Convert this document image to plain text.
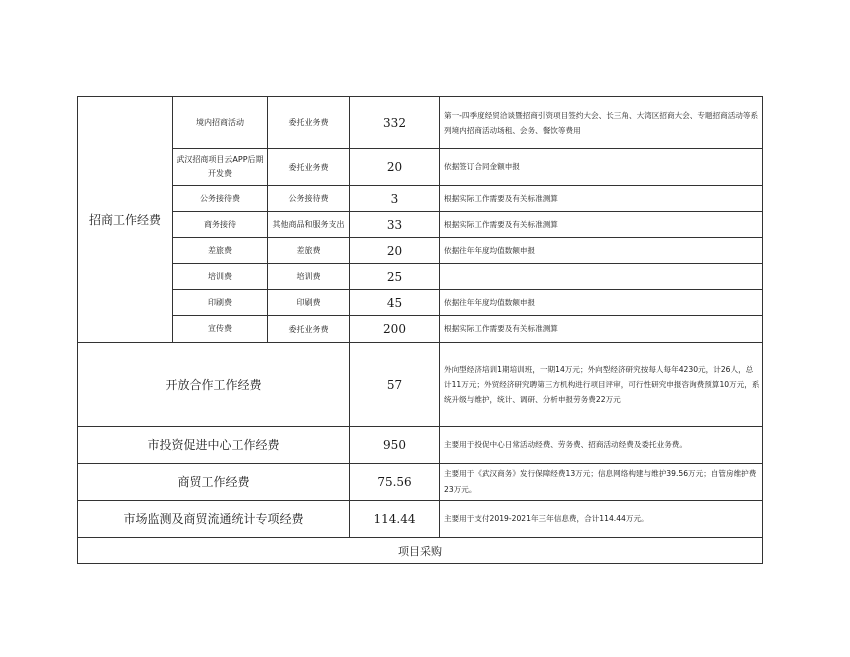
招商工作经费	境内招商活动	委托业务费	332	第一-四季度经贸洽谈暨招商引资项目签约大会、长三角、大湾区招商大会、专题招商活动等系列境内招商活动场租、会务、餐饮等费用
	武汉招商项目云APP后期开发费	委托业务费	20	依据签订合同金额申报
	公务接待费	公务接待费	3	根据实际工作需要及有关标准测算
	商务接待	其他商品和服务支出	33	根据实际工作需要及有关标准测算
	差旅费	差旅费	20	依据往年年度均值数额申报
	培训费	培训费	25	
	印刷费	印刷费	45	依据往年年度均值数额申报
	宣传费	委托业务费	200	根据实际工作需要及有关标准测算
开放合作工作经费			57	外向型经济培训1期培训班，一期14万元；外向型经济研究按每人每年4230元，计26人，总计11万元；外贸经济研究聘第三方机构进行项目评审，可行性研究申报咨询费预算10万元，系统升级与维护，统计、调研、分析申报劳务费22万元
市投资促进中心工作经费			950	主要用于投促中心日常活动经费、劳务费、招商活动经费及委托业务费。
商贸工作经费			75.56	主要用于《武汉商务》发行保障经费13万元；信息网络构建与维护39.56万元；自管房维护费23万元。
市场监测及商贸流通统计专项经费			114.44	主要用于支付2019-2021年三年信息费，合计114.44万元。
项目采购				
